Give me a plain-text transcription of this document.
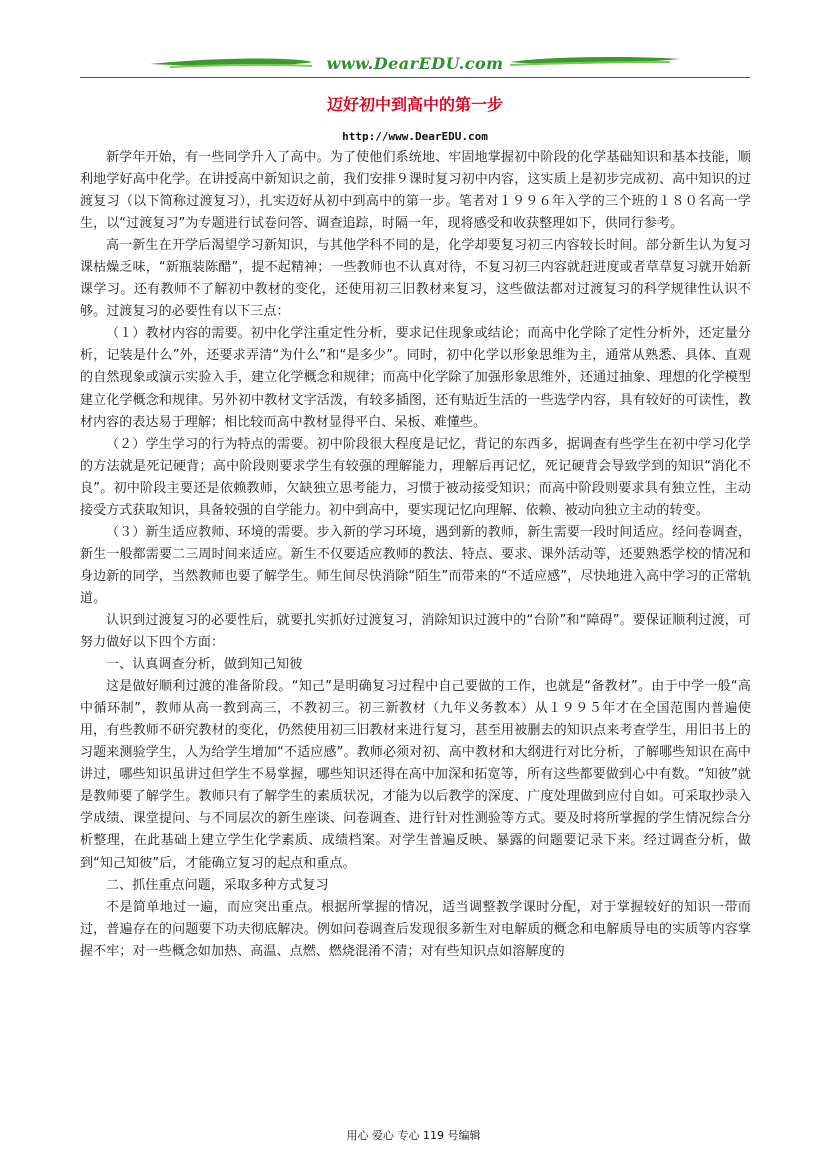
www.DearEDU.com
迈好初中到高中的第一步
http://www.DearEDU.com

新学年开始，有一些同学升入了高中。为了使他们系统地、牢固地掌握初中阶段的化学基础知识和基本技能，顺利地学好高中化学。在讲授高中新知识之前，我们安排９课时复习初中内容，这实质上是初步完成初、高中知识的过渡复习（以下简称过渡复习），扎实迈好从初中到高中的第一步。笔者对１９９６年入学的三个班的１８０名高一学生，以“过渡复习”为专题进行试卷问答、调查追踪，时隔一年，现将感受和收获整理如下，供同行参考。

高一新生在开学后渴望学习新知识，与其他学科不同的是，化学却要复习初三内容较长时间。部分新生认为复习课枯燥乏味，“新瓶装陈醋”，提不起精神；一些教师也不认真对待，不复习初三内容就赶进度或者草草复习就开始新课学习。还有教师不了解初中教材的变化，还使用初三旧教材来复习，这些做法都对过渡复习的科学规律性认识不够。过渡复习的必要性有以下三点：

（１）教材内容的需要。初中化学注重定性分析，要求记住现象或结论；而高中化学除了定性分析外，还定量分析，记装是什么”外，还要求弄清“为什么”和“是多少”。同时，初中化学以形象思维为主，通常从熟悉、具体、直观的自然现象或演示实验入手，建立化学概念和规律；而高中化学除了加强形象思维外，还通过抽象、理想的化学模型建立化学概念和规律。另外初中教材文字活泼，有较多插图，还有贴近生活的一些选学内容，具有较好的可读性，教材内容的表达易于理解；相比较而高中教材显得平白、呆板、难懂些。

（２）学生学习的行为特点的需要。初中阶段很大程度是记忆，背记的东西多，据调查有些学生在初中学习化学的方法就是死记硬背；高中阶段则要求学生有较强的理解能力，理解后再记忆，死记硬背会导致学到的知识“消化不良”。初中阶段主要还是依赖教师，欠缺独立思考能力，习惯于被动接受知识；而高中阶段则要求具有独立性，主动接受方式获取知识，具备较强的自学能力。初中到高中，要实现记忆向理解、依赖、被动向独立主动的转变。

（３）新生适应教师、环境的需要。步入新的学习环境，遇到新的教师，新生需要一段时间适应。经问卷调查，新生一般都需要二三周时间来适应。新生不仅要适应教师的教法、特点、要求、课外活动等，还要熟悉学校的情况和身边新的同学，当然教师也要了解学生。师生间尽快消除“陌生”而带来的“不适应感”，尽快地进入高中学习的正常轨道。

认识到过渡复习的必要性后，就要扎实抓好过渡复习，消除知识过渡中的“台阶”和“障碍”。要保证顺利过渡，可努力做好以下四个方面：

一、认真调查分析，做到知己知彼

这是做好顺利过渡的准备阶段。“知己”是明确复习过程中自己要做的工作，也就是“备教材”。由于中学一般“高中循环制”，教师从高一教到高三，不教初三。初三新教材（九年义务教本）从１９９５年才在全国范围内普遍使用，有些教师不研究教材的变化，仍然使用初三旧教材来进行复习，甚至用被删去的知识点来考查学生，用旧书上的习题来测验学生，人为给学生增加“不适应感”。教师必须对初、高中教材和大纲进行对比分析，了解哪些知识在高中讲过，哪些知识虽讲过但学生不易掌握，哪些知识还得在高中加深和拓宽等，所有这些都要做到心中有数。“知彼”就是教师要了解学生。教师只有了解学生的素质状况，才能为以后教学的深度、广度处理做到应付自如。可采取抄录入学成绩、课堂提问、与不同层次的新生座谈、问卷调查、进行针对性测验等方式。要及时将所掌握的学生情况综合分析整理，在此基础上建立学生化学素质、成绩档案。对学生普遍反映、暴露的问题要记录下来。经过调查分析，做到“知己知彼”后，才能确立复习的起点和重点。

二、抓住重点问题，采取多种方式复习

不是简单地过一遍，而应突出重点。根据所掌握的情况，适当调整教学课时分配，对于掌握较好的知识一带而过，普遍存在的问题要下功夫彻底解决。例如问卷调查后发现很多新生对电解质的概念和电解质导电的实质等内容掌握不牢；对一些概念如加热、高温、点燃、燃烧混淆不清；对有些知识点如溶解度的

用心 爱心 专心 119 号编辑
